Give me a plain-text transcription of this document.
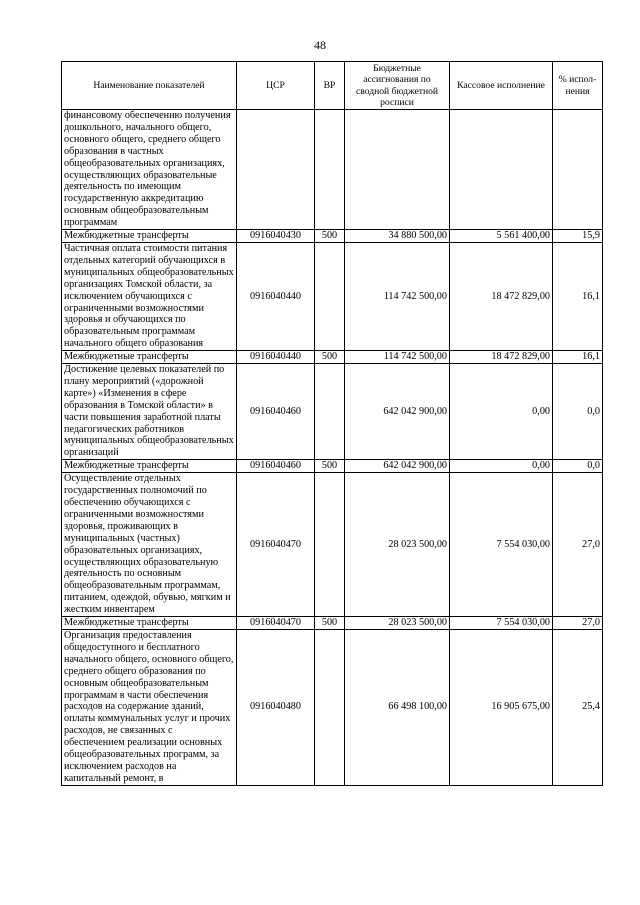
48
Наименование показателей	ЦСР	ВР	Бюджетные ассигнования по сводной бюджетной росписи	Кассовое исполнение	% испол-нения
финансовому обеспечению получения дошкольного, начального общего, основного общего, среднего общего образования в частных общеобразовательных организациях, осуществляющих образовательные деятельность по имеющим государственную аккредитацию основным общеобразовательным программам					
Межбюджетные трансферты	0916040430	500	34 880 500,00	5 561 400,00	15,9
Частичная оплата стоимости питания отдельных категорий обучающихся в муниципальных общеобразовательных организациях Томской области, за исключением обучающихся с ограниченными возможностями здоровья и обучающихся по образовательным программам начального общего образования	0916040440		114 742 500,00	18 472 829,00	16,1
Межбюджетные трансферты	0916040440	500	114 742 500,00	18 472 829,00	16,1
Достижение целевых показателей по плану мероприятий («дорожной карте») «Изменения в сфере образования в Томской области» в части повышения заработной платы педагогических работников муниципальных общеобразовательных организаций	0916040460		642 042 900,00	0,00	0,0
Межбюджетные трансферты	0916040460	500	642 042 900,00	0,00	0,0
Осуществление отдельных государственных полномочий по обеспечению обучающихся с ограниченными возможностями здоровья, проживающих в муниципальных (частных) образовательных организациях, осуществляющих образовательную деятельность по основным общеобразовательным программам, питанием, одеждой, обувью, мягким и жестким инвентарем	0916040470		28 023 500,00	7 554 030,00	27,0
Межбюджетные трансферты	0916040470	500	28 023 500,00	7 554 030,00	27,0
Организация предоставления общедоступного и бесплатного начального общего, основного общего, среднего общего образования по основным общеобразовательным программам в части обеспечения расходов на содержание зданий, оплаты коммунальных услуг и прочих расходов, не связанных с обеспечением реализации основных общеобразовательных программ, за исключением расходов на капитальный ремонт, в	0916040480		66 498 100,00	16 905 675,00	25,4
